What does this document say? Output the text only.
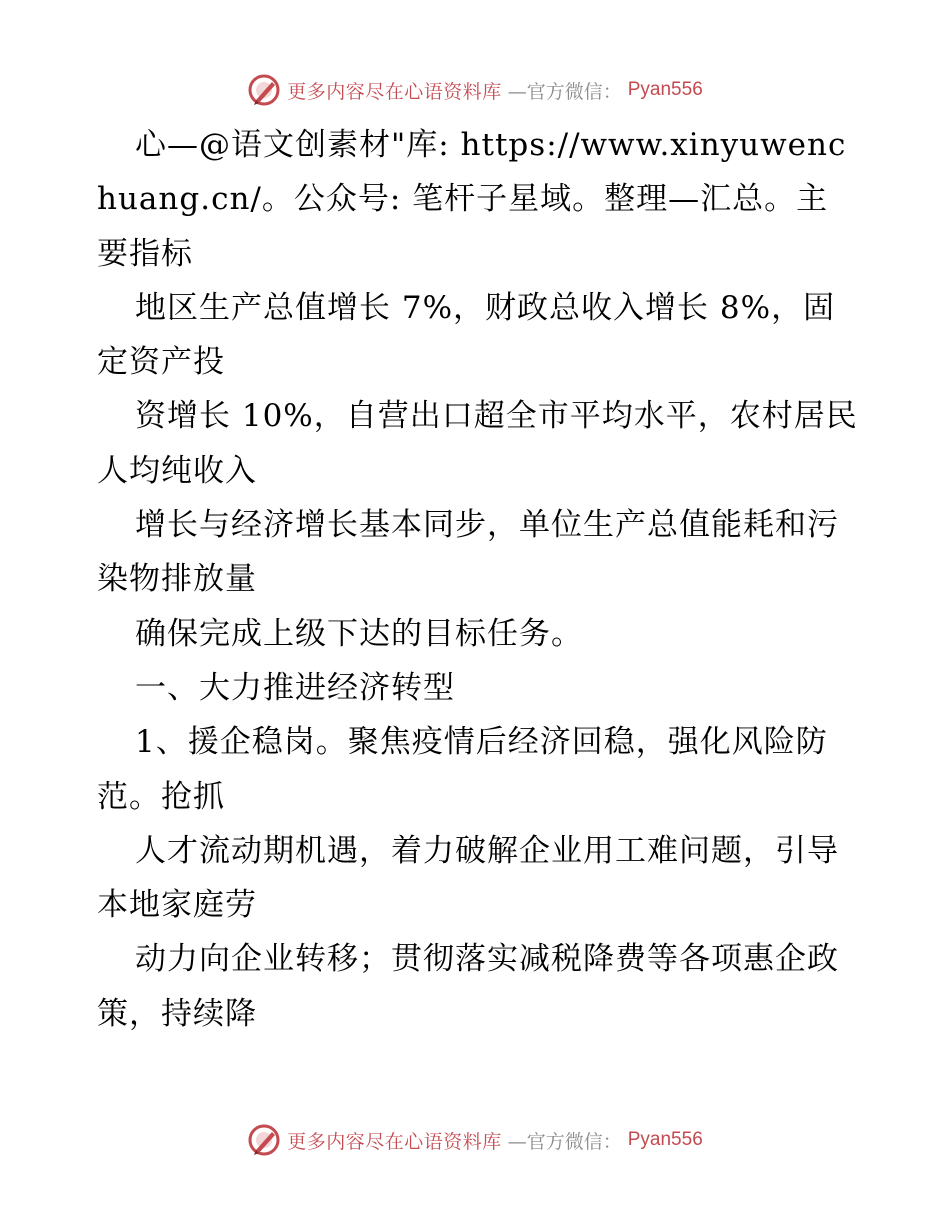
更多内容尽在心语资料库 —官方微信： Pyan556

心—@语文创素材"库: https://www.xinyuwenchuang.cn/。公众号: 笔杆子星域。整理—汇总。主要指标

地区生产总值增长 7%，财政总收入增长 8%，固定资产投

资增长 10%，自营出口超全市平均水平，农村居民人均纯收入

增长与经济增长基本同步，单位生产总值能耗和污染物排放量

确保完成上级下达的目标任务。

一、大力推进经济转型

1、援企稳岗。聚焦疫情后经济回稳，强化风险防范。抢抓

人才流动期机遇，着力破解企业用工难问题，引导本地家庭劳

动力向企业转移；贯彻落实减税降费等各项惠企政策，持续降

更多内容尽在心语资料库 —官方微信： Pyan556
